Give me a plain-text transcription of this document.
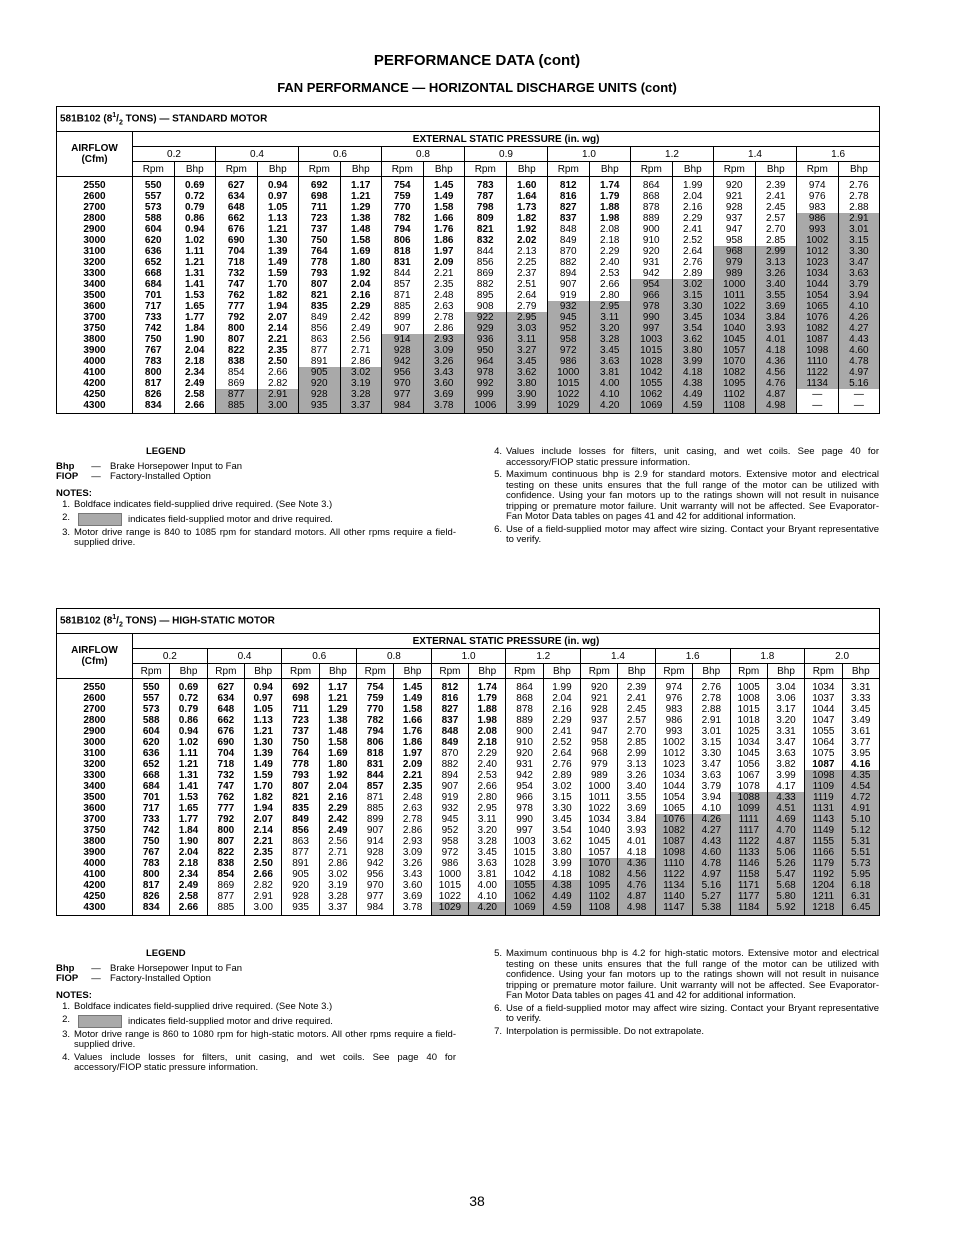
PERFORMANCE DATA (cont)
FAN PERFORMANCE — HORIZONTAL DISCHARGE UNITS (cont)
581B102 ($8^1/_2$ TONS) — STANDARD MOTOR																		

AIRFLOW
(Cfm)	EXTERNAL STATIC PRESSURE (in. wg)																	
	0.2		0.4		0.6		0.8		0.9		1.0		1.2		1.4		1.6	
	Rpm	Bhp	Rpm	Bhp	Rpm	Bhp	Rpm	Bhp	Rpm	Bhp	Rpm	Bhp	Rpm	Bhp	Rpm	Bhp	Rpm	Bhp
2550	550	0.69	627	0.94	692	1.17	754	1.45	783	1.60	812	1.74	864	1.99	920	2.39	974	2.76
2600	557	0.72	634	0.97	698	1.21	759	1.49	787	1.64	816	1.79	868	2.04	921	2.41	976	2.78
2700	573	0.79	648	1.05	711	1.29	770	1.58	798	1.73	827	1.88	878	2.16	928	2.45	983	2.88
2800	588	0.86	662	1.13	723	1.38	782	1.66	809	1.82	837	1.98	889	2.29	937	2.57	986	2.91
2900	604	0.94	676	1.21	737	1.48	794	1.76	821	1.92	848	2.08	900	2.41	947	2.70	993	3.01
3000	620	1.02	690	1.30	750	1.58	806	1.86	832	2.02	849	2.18	910	2.52	958	2.85	1002	3.15
3100	636	1.11	704	1.39	764	1.69	818	1.97	844	2.13	870	2.29	920	2.64	968	2.99	1012	3.30
3200	652	1.21	718	1.49	778	1.80	831	2.09	856	2.25	882	2.40	931	2.76	979	3.13	1023	3.47
3300	668	1.31	732	1.59	793	1.92	844	2.21	869	2.37	894	2.53	942	2.89	989	3.26	1034	3.63
3400	684	1.41	747	1.70	807	2.04	857	2.35	882	2.51	907	2.66	954	3.02	1000	3.40	1044	3.79
3500	701	1.53	762	1.82	821	2.16	871	2.48	895	2.64	919	2.80	966	3.15	1011	3.55	1054	3.94
3600	717	1.65	777	1.94	835	2.29	885	2.63	908	2.79	932	2.95	978	3.30	1022	3.69	1065	4.10
3700	733	1.77	792	2.07	849	2.42	899	2.78	922	2.95	945	3.11	990	3.45	1034	3.84	1076	4.26
3750	742	1.84	800	2.14	856	2.49	907	2.86	929	3.03	952	3.20	997	3.54	1040	3.93	1082	4.27
3800	750	1.90	807	2.21	863	2.56	914	2.93	936	3.11	958	3.28	1003	3.62	1045	4.01	1087	4.43
3900	767	2.04	822	2.35	877	2.71	928	3.09	950	3.27	972	3.45	1015	3.80	1057	4.18	1098	4.60
4000	783	2.18	838	2.50	891	2.86	942	3.26	964	3.45	986	3.63	1028	3.99	1070	4.36	1110	4.78
4100	800	2.34	854	2.66	905	3.02	956	3.43	978	3.62	1000	3.81	1042	4.18	1082	4.56	1122	4.97
4200	817	2.49	869	2.82	920	3.19	970	3.60	992	3.80	1015	4.00	1055	4.38	1095	4.76	1134	5.16
4250	826	2.58	877	2.91	928	3.28	977	3.69	999	3.90	1022	4.10	1062	4.49	1102	4.87	—	—
4300	834	2.66	885	3.00	935	3.37	984	3.78	1006	3.99	1029	4.20	1069	4.59	1108	4.98	—	—
LEGEND
Bhp	— Brake Horsepower Input to Fan
FIOP	— Factory-Installed Option
NOTES:
1. Boldface indicates field-supplied drive required. (See Note 3.)
2.	indicates field-supplied motor and drive required.
3. Motor drive range is 840 to 1085 rpm for standard motors. All other rpms require a field-supplied drive.
4. Values include losses for filters, unit casing, and wet coils. See page 40 for accessory/FIOP static pressure information.
5. Maximum continuous bhp is 2.9 for standard motors. Extensive motor and electrical testing on these units ensures that the full range of the motor can be utilized with confidence. Using your fan motors up to the ratings shown will not result in nuisance tripping or premature motor failure. Unit warranty will not be affected. See Evaporator-Fan Motor Data tables on pages 41 and 42 for additional information.
6. Use of a field-supplied motor may affect wire sizing. Contact your Bryant representative to verify.
581B102 ($8^1/_2$ TONS) — HIGH-STATIC MOTOR																				

AIRFLOW
(Cfm)	EXTERNAL STATIC PRESSURE (in. wg)																			
	0.2		0.4		0.6		0.8		1.0		1.2		1.4		1.6		1.8		2.0	
	Rpm	Bhp	Rpm	Bhp	Rpm	Bhp	Rpm	Bhp	Rpm	Bhp	Rpm	Bhp	Rpm	Bhp	Rpm	Bhp	Rpm	Bhp	Rpm	Bhp
2550	550	0.69	627	0.94	692	1.17	754	1.45	812	1.74	864	1.99	920	2.39	974	2.76	1005	3.04	1034	3.31
2600	557	0.72	634	0.97	698	1.21	759	1.49	816	1.79	868	2.04	921	2.41	976	2.78	1008	3.06	1037	3.33
2700	573	0.79	648	1.05	711	1.29	770	1.58	827	1.88	878	2.16	928	2.45	983	2.88	1015	3.17	1044	3.45
2800	588	0.86	662	1.13	723	1.38	782	1.66	837	1.98	889	2.29	937	2.57	986	2.91	1018	3.20	1047	3.49
2900	604	0.94	676	1.21	737	1.48	794	1.76	848	2.08	900	2.41	947	2.70	993	3.01	1025	3.31	1055	3.61
3000	620	1.02	690	1.30	750	1.58	806	1.86	849	2.18	910	2.52	958	2.85	1002	3.15	1034	3.47	1064	3.77
3100	636	1.11	704	1.39	764	1.69	818	1.97	870	2.29	920	2.64	968	2.99	1012	3.30	1045	3.63	1075	3.95
3200	652	1.21	718	1.49	778	1.80	831	2.09	882	2.40	931	2.76	979	3.13	1023	3.47	1056	3.82	1087	4.16
3300	668	1.31	732	1.59	793	1.92	844	2.21	894	2.53	942	2.89	989	3.26	1034	3.63	1067	3.99	1098	4.35
3400	684	1.41	747	1.70	807	2.04	857	2.35	907	2.66	954	3.02	1000	3.40	1044	3.79	1078	4.17	1109	4.54
3500	701	1.53	762	1.82	821	2.16	871	2.48	919	2.80	966	3.15	1011	3.55	1054	3.94	1088	4.33	1119	4.72
3600	717	1.65	777	1.94	835	2.29	885	2.63	932	2.95	978	3.30	1022	3.69	1065	4.10	1099	4.51	1131	4.91
3700	733	1.77	792	2.07	849	2.42	899	2.78	945	3.11	990	3.45	1034	3.84	1076	4.26	1111	4.69	1143	5.10
3750	742	1.84	800	2.14	856	2.49	907	2.86	952	3.20	997	3.54	1040	3.93	1082	4.27	1117	4.70	1149	5.12
3800	750	1.90	807	2.21	863	2.56	914	2.93	958	3.28	1003	3.62	1045	4.01	1087	4.43	1122	4.87	1155	5.31
3900	767	2.04	822	2.35	877	2.71	928	3.09	972	3.45	1015	3.80	1057	4.18	1098	4.60	1133	5.06	1166	5.51
4000	783	2.18	838	2.50	891	2.86	942	3.26	986	3.63	1028	3.99	1070	4.36	1110	4.78	1146	5.26	1179	5.73
4100	800	2.34	854	2.66	905	3.02	956	3.43	1000	3.81	1042	4.18	1082	4.56	1122	4.97	1158	5.47	1192	5.95
4200	817	2.49	869	2.82	920	3.19	970	3.60	1015	4.00	1055	4.38	1095	4.76	1134	5.16	1171	5.68	1204	6.18
4250	826	2.58	877	2.91	928	3.28	977	3.69	1022	4.10	1062	4.49	1102	4.87	1140	5.27	1177	5.80	1211	6.31
4300	834	2.66	885	3.00	935	3.37	984	3.78	1029	4.20	1069	4.59	1108	4.98	1147	5.38	1184	5.92	1218	6.45
LEGEND
Bhp	— Brake Horsepower Input to Fan
FIOP	— Factory-Installed Option
NOTES:
1. Boldface indicates field-supplied drive required. (See Note 3.)
2.	indicates field-supplied motor and drive required.
3. Motor drive range is 860 to 1080 rpm for high-static motors. All other rpms require a field-supplied drive.
4. Values include losses for filters, unit casing, and wet coils. See page 40 for accessory/FIOP static pressure information.
5. Maximum continuous bhp is 4.2 for high-static motors. Extensive motor and electrical testing on these units ensures that the full range of the motor can be utilized with confidence. Using your fan motors up to the ratings shown will not result in nuisance tripping or premature motor failure. Unit warranty will not be affected. See Evaporator-Fan Motor Data tables on pages 41 and 42 for additional information.
6. Use of a field-supplied motor may affect wire sizing. Contact your Bryant representative to verify.
7. Interpolation is permissible. Do not extrapolate.
38
